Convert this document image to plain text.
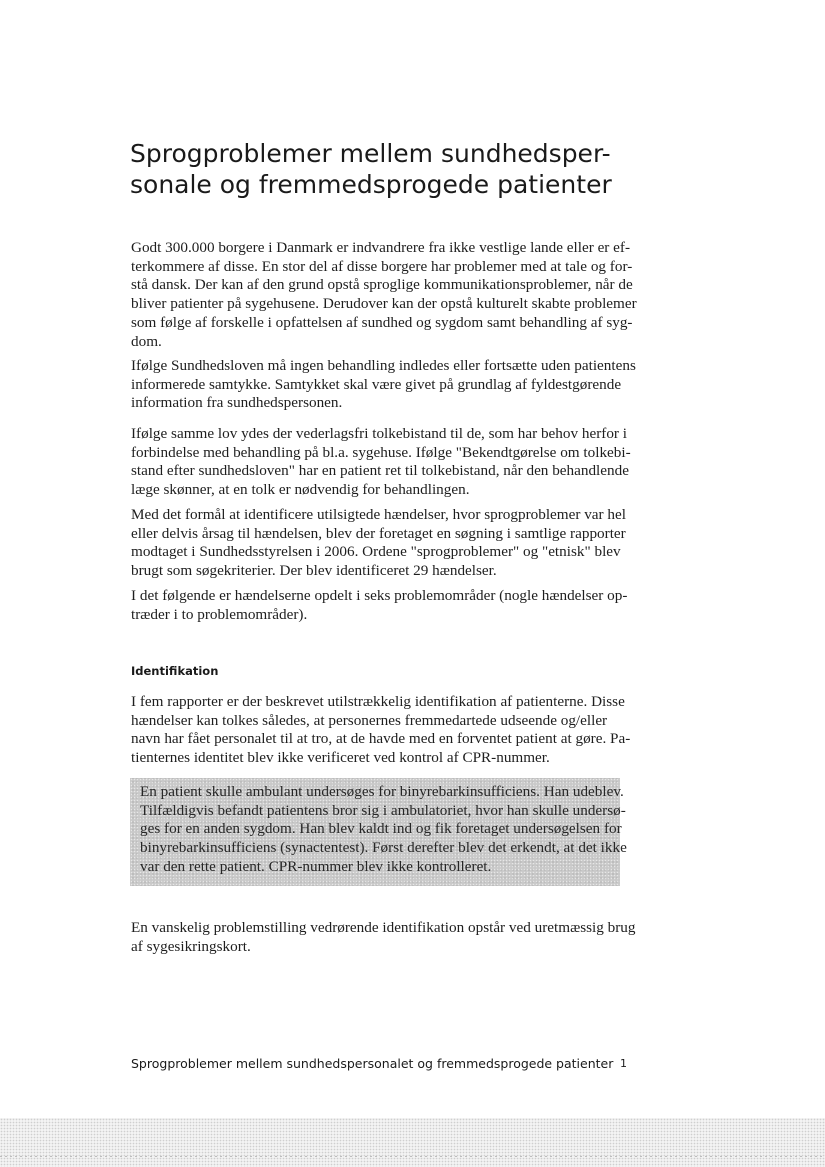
Sprogproblemer mellem sundhedsper-
sonale og fremmedsprogede patienter
Godt 300.000 borgere i Danmark er indvandrere fra ikke vestlige lande eller er ef-
terkommere af disse. En stor del af disse borgere har problemer med at tale og for-
stå dansk. Der kan af den grund opstå sproglige kommunikationsproblemer, når de
bliver patienter på sygehusene. Derudover kan der opstå kulturelt skabte problemer
som følge af forskelle i opfattelsen af sundhed og sygdom samt behandling af syg-
dom.
Ifølge Sundhedsloven må ingen behandling indledes eller fortsætte uden patientens
informerede samtykke. Samtykket skal være givet på grundlag af fyldestgørende
information fra sundhedspersonen.
Ifølge samme lov ydes der vederlagsfri tolkebistand til de, som har behov herfor i
forbindelse med behandling på bl.a. sygehuse. Ifølge "Bekendtgørelse om tolkebi-
stand efter sundhedsloven" har en patient ret til tolkebistand, når den behandlende
læge skønner, at en tolk er nødvendig for behandlingen.
Med det formål at identificere utilsigtede hændelser, hvor sprogproblemer var hel
eller delvis årsag til hændelsen, blev der foretaget en søgning i samtlige rapporter
modtaget i Sundhedsstyrelsen i 2006. Ordene "sprogproblemer" og "etnisk" blev
brugt som søgekriterier. Der blev identificeret 29 hændelser.
I det følgende er hændelserne opdelt i seks problemområder (nogle hændelser op-
træder i to problemområder).
Identifikation
I fem rapporter er der beskrevet utilstrækkelig identifikation af patienterne. Disse
hændelser kan tolkes således, at personernes fremmedartede udseende og/eller
navn har fået personalet til at tro, at de havde med en forventet patient at gøre. Pa-
tienternes identitet blev ikke verificeret ved kontrol af CPR-nummer.
En patient skulle ambulant undersøges for binyrebarkinsufficiens. Han udeblev.
Tilfældigvis befandt patientens bror sig i ambulatoriet, hvor han skulle undersø-
ges for en anden sygdom. Han blev kaldt ind og fik foretaget undersøgelsen for
binyrebarkinsufficiens (synactentest). Først derefter blev det erkendt, at det ikke
var den rette patient. CPR-nummer blev ikke kontrolleret.
En vanskelig problemstilling vedrørende identifikation opstår ved uretmæssig brug
af sygesikringskort.
Sprogproblemer mellem sundhedspersonalet og fremmedsprogede patienter 1
